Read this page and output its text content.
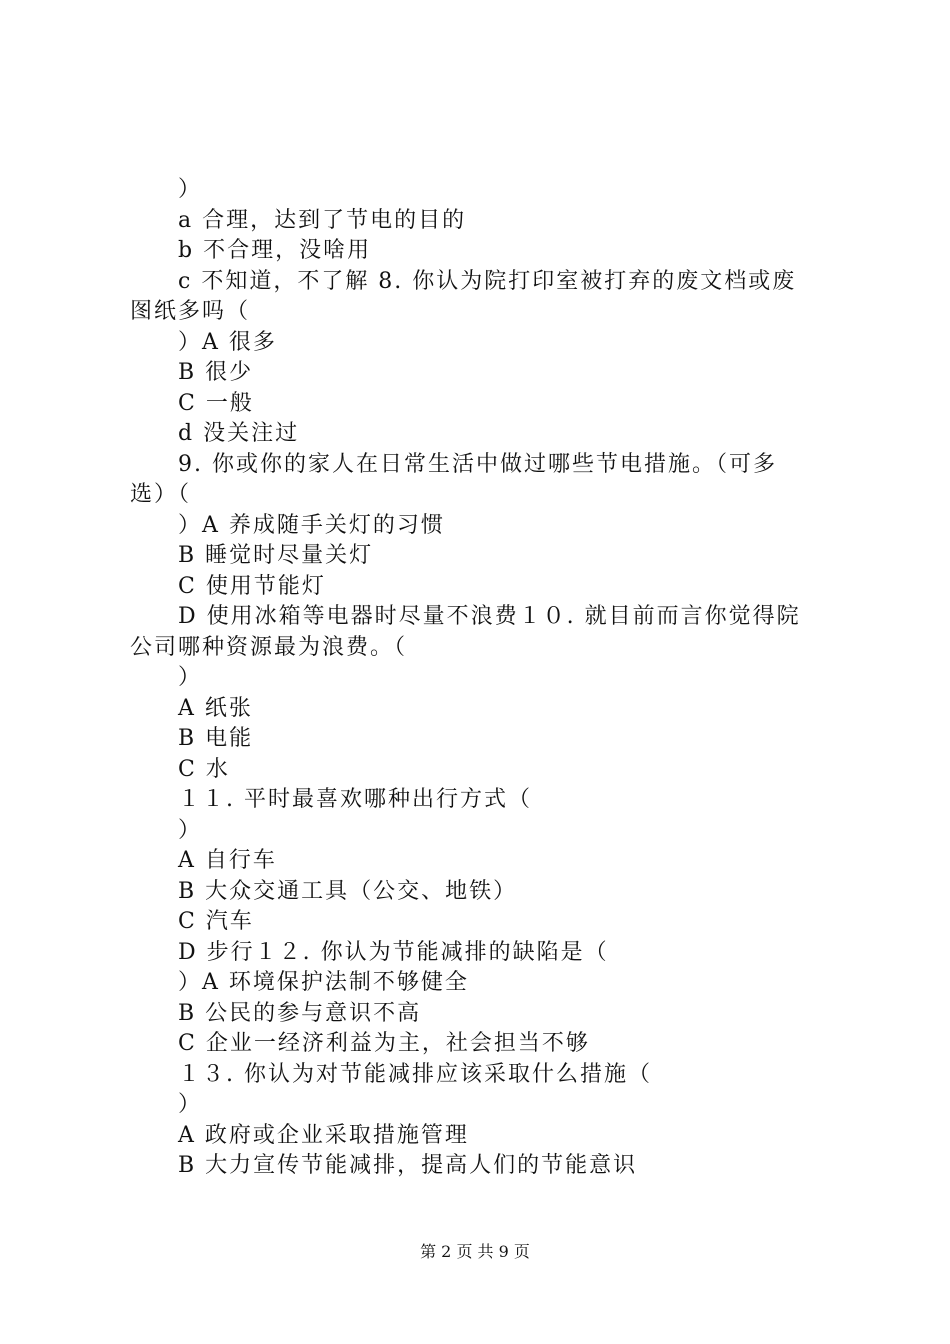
）
a 合理，达到了节电的目的
b 不合理，没啥用
c 不知道，不了解 8. 你认为院打印室被打弃的废文档或废
图纸多吗（
）A 很多
B 很少
C 一般
d 没关注过
9. 你或你的家人在日常生活中做过哪些节电措施。（可多
选）（
）A 养成随手关灯的习惯
B 睡觉时尽量关灯
C 使用节能灯
D 使用冰箱等电器时尽量不浪费１０. 就目前而言你觉得院
公司哪种资源最为浪费。（
）
A 纸张
B 电能
C 水
１１. 平时最喜欢哪种出行方式（
）
A 自行车
B 大众交通工具（公交、地铁）
C 汽车
D 步行１２. 你认为节能减排的缺陷是（
）A 环境保护法制不够健全
B 公民的参与意识不高
C 企业一经济利益为主，社会担当不够
１３. 你认为对节能减排应该采取什么措施（
）
A 政府或企业采取措施管理
B 大力宣传节能减排，提高人们的节能意识
第 2 页 共 9 页
